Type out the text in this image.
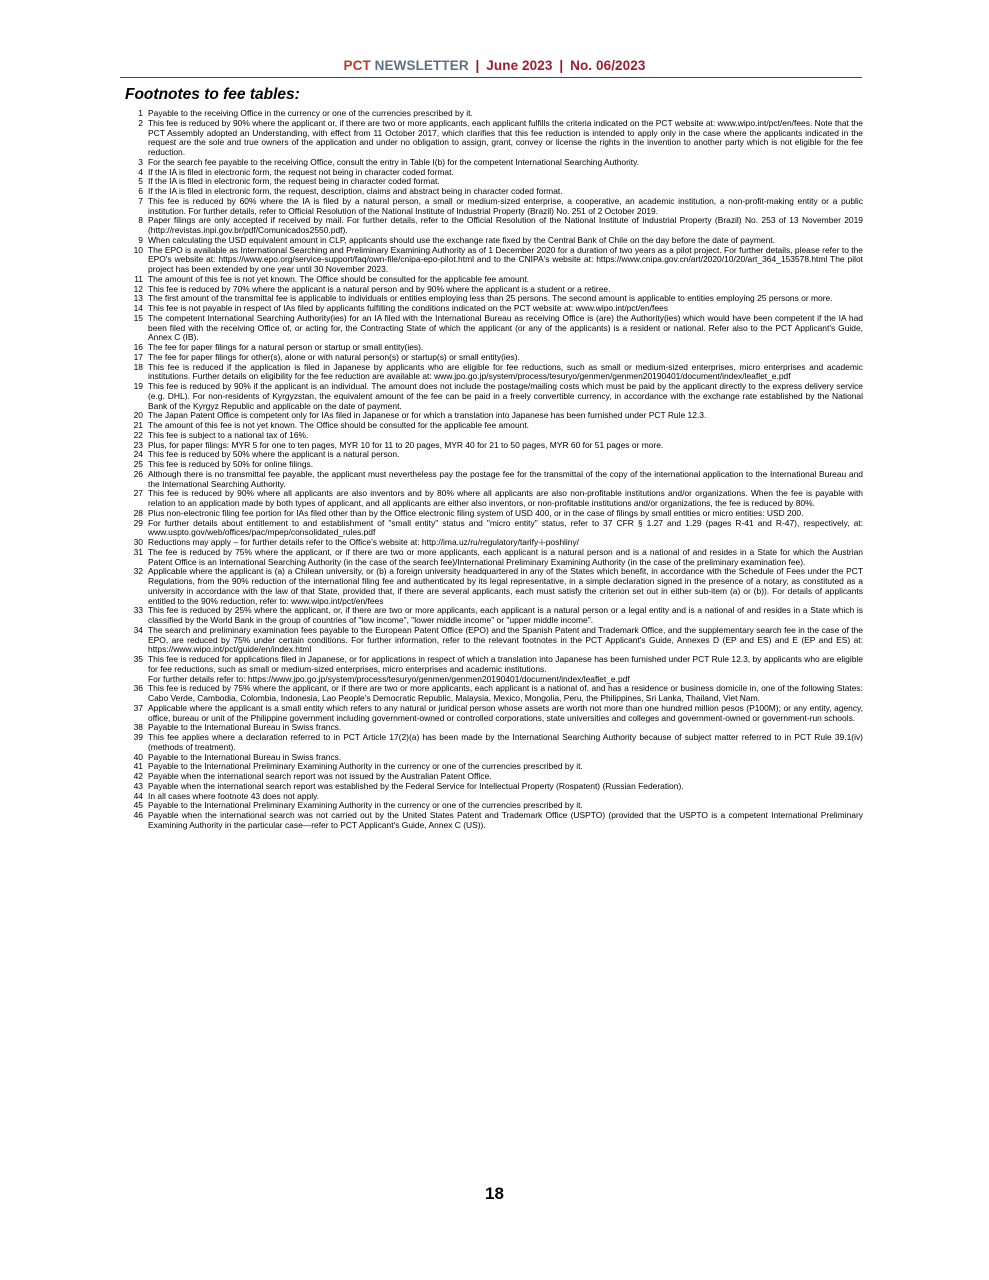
PCT NEWSLETTER | June 2023 | No. 06/2023
Footnotes to fee tables:
1 Payable to the receiving Office in the currency or one of the currencies prescribed by it.
2 This fee is reduced by 90% where the applicant or, if there are two or more applicants, each applicant fulfills the criteria indicated on the PCT website at: www.wipo.int/pct/en/fees. Note that the PCT Assembly adopted an Understanding, with effect from 11 October 2017, which clarifies that this fee reduction is intended to apply only in the case where the applicants indicated in the request are the sole and true owners of the application and under no obligation to assign, grant, convey or license the rights in the invention to another party which is not eligible for the fee reduction.
3 For the search fee payable to the receiving Office, consult the entry in Table I(b) for the competent International Searching Authority.
4 If the IA is filed in electronic form, the request not being in character coded format.
5 If the IA is filed in electronic form, the request being in character coded format.
6 If the IA is filed in electronic form, the request, description, claims and abstract being in character coded format.
7 This fee is reduced by 60% where the IA is filed by a natural person, a small or medium-sized enterprise, a cooperative, an academic institution, a non-profit-making entity or a public institution. For further details, refer to Official Resolution of the National Institute of Industrial Property (Brazil) No. 251 of 2 October 2019.
8 Paper filings are only accepted if received by mail. For further details, refer to the Official Resolution of the National Institute of Industrial Property (Brazil) No. 253 of 13 November 2019 (http://revistas.inpi.gov.br/pdf/Comunicados2550.pdf).
9 When calculating the USD equivalent amount in CLP, applicants should use the exchange rate fixed by the Central Bank of Chile on the day before the date of payment.
10 The EPO is available as International Searching and Preliminary Examining Authority as of 1 December 2020 for a duration of two years as a pilot project. For further details, please refer to the EPO's website at: https://www.epo.org/service-support/faq/own-file/cnipa-epo-pilot.html and to the CNIPA's website at: https://www.cnipa.gov.cn/art/2020/10/20/art_364_153578.html The pilot project has been extended by one year until 30 November 2023.
11 The amount of this fee is not yet known. The Office should be consulted for the applicable fee amount.
12 This fee is reduced by 70% where the applicant is a natural person and by 90% where the applicant is a student or a retiree.
13 The first amount of the transmittal fee is applicable to individuals or entities employing less than 25 persons. The second amount is applicable to entities employing 25 persons or more.
14 This fee is not payable in respect of IAs filed by applicants fulfilling the conditions indicated on the PCT website at: www.wipo.int/pct/en/fees
15 The competent International Searching Authority(ies) for an IA filed with the International Bureau as receiving Office is (are) the Authority(ies) which would have been competent if the IA had been filed with the receiving Office of, or acting for, the Contracting State of which the applicant (or any of the applicants) is a resident or national. Refer also to the PCT Applicant's Guide, Annex C (IB).
16 The fee for paper filings for a natural person or startup or small entity(ies).
17 The fee for paper filings for other(s), alone or with natural person(s) or startup(s) or small entity(ies).
18 This fee is reduced if the application is filed in Japanese by applicants who are eligible for fee reductions, such as small or medium-sized enterprises, micro enterprises and academic institutions. Further details on eligibility for the fee reduction are available at: www.jpo.go.jp/system/process/tesuryo/genmen/genmen20190401/document/index/leaflet_e.pdf
19 This fee is reduced by 90% if the applicant is an individual. The amount does not include the postage/mailing costs which must be paid by the applicant directly to the express delivery service (e.g. DHL). For non-residents of Kyrgyzstan, the equivalent amount of the fee can be paid in a freely convertible currency, in accordance with the exchange rate established by the National Bank of the Kyrgyz Republic and applicable on the date of payment.
20 The Japan Patent Office is competent only for IAs filed in Japanese or for which a translation into Japanese has been furnished under PCT Rule 12.3.
21 The amount of this fee is not yet known. The Office should be consulted for the applicable fee amount.
22 This fee is subject to a national tax of 16%.
23 Plus, for paper filings: MYR 5 for one to ten pages, MYR 10 for 11 to 20 pages, MYR 40 for 21 to 50 pages, MYR 60 for 51 pages or more.
24 This fee is reduced by 50% where the applicant is a natural person.
25 This fee is reduced by 50% for online filings.
26 Although there is no transmittal fee payable, the applicant must nevertheless pay the postage fee for the transmittal of the copy of the international application to the International Bureau and the International Searching Authority.
27 This fee is reduced by 90% where all applicants are also inventors and by 80% where all applicants are also non-profitable institutions and/or organizations. When the fee is payable with relation to an application made by both types of applicant, and all applicants are either also inventors, or non-profitable institutions and/or organizations, the fee is reduced by 80%.
28 Plus non-electronic filing fee portion for IAs filed other than by the Office electronic filing system of USD 400, or in the case of filings by small entities or micro entities: USD 200.
29 For further details about entitlement to and establishment of "small entity" status and "micro entity" status, refer to 37 CFR § 1.27 and 1.29 (pages R-41 and R-47), respectively, at: www.uspto.gov/web/offices/pac/mpep/consolidated_rules.pdf
30 Reductions may apply – for further details refer to the Office's website at: http://ima.uz/ru/regulatory/tarify-i-poshliny/
31 The fee is reduced by 75% where the applicant, or if there are two or more applicants, each applicant is a natural person and is a national of and resides in a State for which the Austrian Patent Office is an International Searching Authority (in the case of the search fee)/International Preliminary Examining Authority (in the case of the preliminary examination fee).
32 Applicable where the applicant is (a) a Chilean university, or (b) a foreign university headquartered in any of the States which benefit, in accordance with the Schedule of Fees under the PCT Regulations, from the 90% reduction of the international filing fee and authenticated by its legal representative, in a simple declaration signed in the presence of a notary, as constituted as a university in accordance with the law of that State, provided that, if there are several applicants, each must satisfy the criterion set out in either sub-item (a) or (b)). For details of applicants entitled to the 90% reduction, refer to: www.wipo.int/pct/en/fees
33 This fee is reduced by 25% where the applicant, or, if there are two or more applicants, each applicant is a natural person or a legal entity and is a national of and resides in a State which is classified by the World Bank in the group of countries of "low income", "lower middle income" or "upper middle income".
34 The search and preliminary examination fees payable to the European Patent Office (EPO) and the Spanish Patent and Trademark Office, and the supplementary search fee in the case of the EPO, are reduced by 75% under certain conditions. For further information, refer to the relevant footnotes in the PCT Applicant's Guide, Annexes D (EP and ES) and E (EP and ES) at: https://www.wipo.int/pct/guide/en/index.html
35 This fee is reduced for applications filed in Japanese, or for applications in respect of which a translation into Japanese has been furnished under PCT Rule 12.3, by applicants who are eligible for fee reductions, such as small or medium-sized enterprises, micro enterprises and academic institutions.
For further details refer to: https://www.jpo.go.jp/system/process/tesuryo/genmen/genmen20190401/document/index/leaflet_e.pdf
36 This fee is reduced by 75% where the applicant, or if there are two or more applicants, each applicant is a national of, and has a residence or business domicile in, one of the following States: Cabo Verde, Cambodia, Colombia, Indonesia, Lao People's Democratic Republic, Malaysia, Mexico, Mongolia, Peru, the Philippines, Sri Lanka, Thailand, Viet Nam.
37 Applicable where the applicant is a small entity which refers to any natural or juridical person whose assets are worth not more than one hundred million pesos (P100M); or any entity, agency, office, bureau or unit of the Philippine government including government-owned or controlled corporations, state universities and colleges and government-owned or government-run schools.
38 Payable to the International Bureau in Swiss francs.
39 This fee applies where a declaration referred to in PCT Article 17(2)(a) has been made by the International Searching Authority because of subject matter referred to in PCT Rule 39.1(iv) (methods of treatment).
40 Payable to the International Bureau in Swiss francs.
41 Payable to the International Preliminary Examining Authority in the currency or one of the currencies prescribed by it.
42 Payable when the international search report was not issued by the Australian Patent Office.
43 Payable when the international search report was established by the Federal Service for Intellectual Property (Rospatent) (Russian Federation).
44 In all cases where footnote 43 does not apply.
45 Payable to the International Preliminary Examining Authority in the currency or one of the currencies prescribed by it.
46 Payable when the international search was not carried out by the United States Patent and Trademark Office (USPTO) (provided that the USPTO is a competent International Preliminary Examining Authority in the particular case—refer to PCT Applicant's Guide, Annex C (US)).
18
